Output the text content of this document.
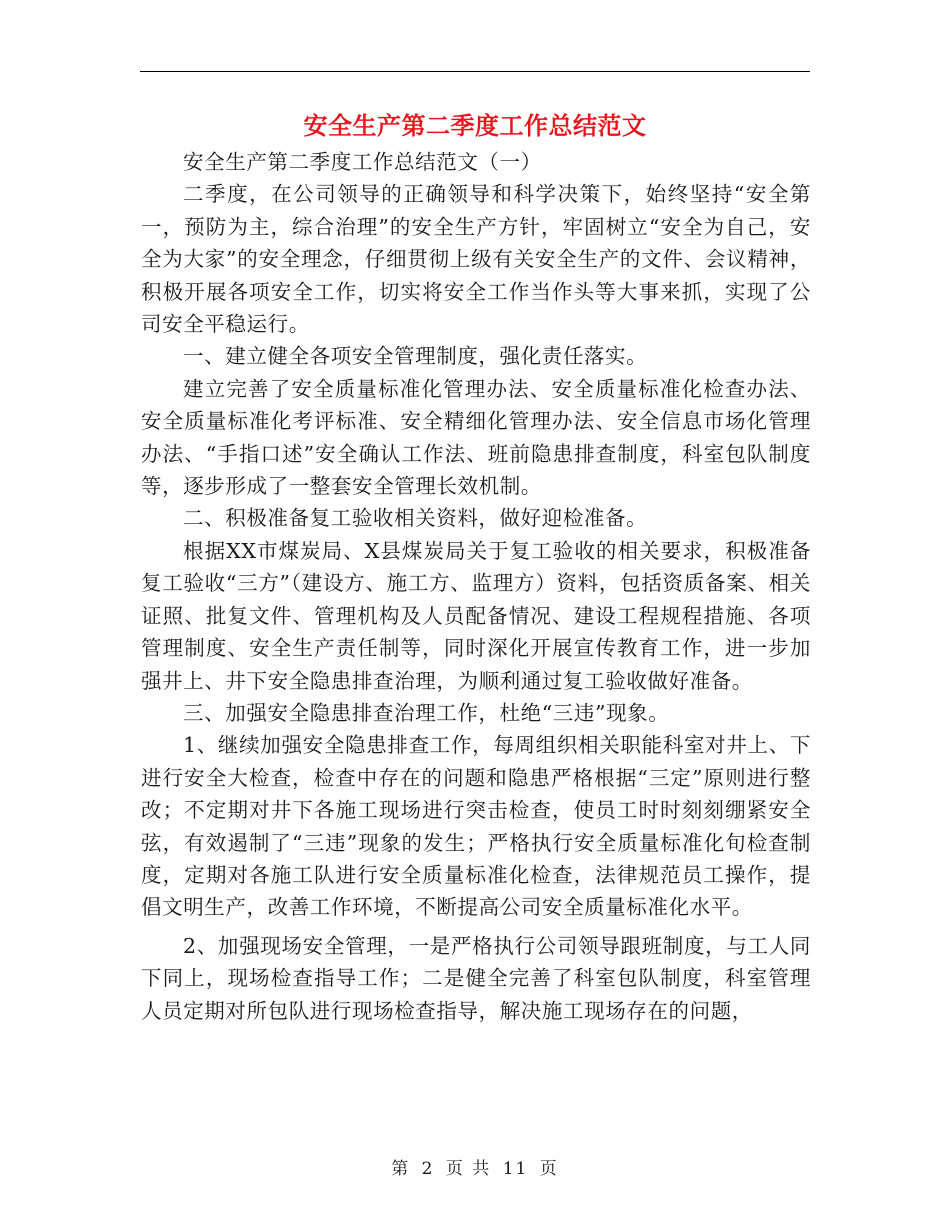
安全生产第二季度工作总结范文

安全生产第二季度工作总结范文（一）

二季度，在公司领导的正确领导和科学决策下，始终坚持“安全第一，预防为主，综合治理”的安全生产方针，牢固树立“安全为自己，安全为大家”的安全理念，仔细贯彻上级有关安全生产的文件、会议精神，积极开展各项安全工作，切实将安全工作当作头等大事来抓，实现了公司安全平稳运行。

一、建立健全各项安全管理制度，强化责任落实。

建立完善了安全质量标准化管理办法、安全质量标准化检查办法、安全质量标准化考评标准、安全精细化管理办法、安全信息市场化管理办法、“手指口述”安全确认工作法、班前隐患排查制度，科室包队制度等，逐步形成了一整套安全管理长效机制。

二、积极准备复工验收相关资料，做好迎检准备。

根据XX市煤炭局、X县煤炭局关于复工验收的相关要求，积极准备复工验收“三方”（建设方、施工方、监理方）资料，包括资质备案、相关证照、批复文件、管理机构及人员配备情况、建设工程规程措施、各项管理制度、安全生产责任制等，同时深化开展宣传教育工作，进一步加强井上、井下安全隐患排查治理，为顺利通过复工验收做好准备。

三、加强安全隐患排查治理工作，杜绝“三违”现象。

1、继续加强安全隐患排查工作，每周组织相关职能科室对井上、下进行安全大检查，检查中存在的问题和隐患严格根据“三定”原则进行整改；不定期对井下各施工现场进行突击检查，使员工时时刻刻绷紧安全弦，有效遏制了“三违”现象的发生；严格执行安全质量标准化旬检查制度，定期对各施工队进行安全质量标准化检查，法律规范员工操作，提倡文明生产，改善工作环境，不断提高公司安全质量标准化水平。

2、加强现场安全管理，一是严格执行公司领导跟班制度，与工人同下同上，现场检查指导工作；二是健全完善了科室包队制度，科室管理人员定期对所包队进行现场检查指导，解决施工现场存在的问题，

第 2 页 共 11 页
